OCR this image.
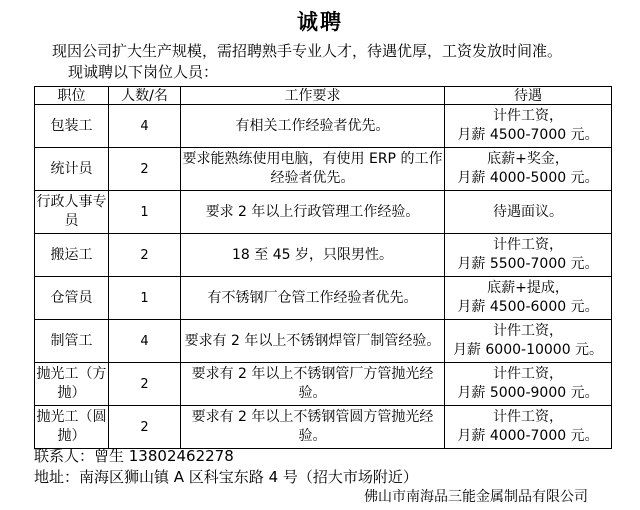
诚聘
现因公司扩大生产规模，需招聘熟手专业人才，待遇优厚，工资发放时间准。
现诚聘以下岗位人员：
职位	人数/名	工作要求	待遇
包装工	4	有相关工作经验者优先。	计件工资，
月薪 4500-7000 元。

统计员	2	要求能熟练使用电脑，有使用 ERP 的工作经验者优先。	底薪+奖金，
月薪 4000-5000 元。

行政人事专员	1	要求 2 年以上行政管理工作经验。	待遇面议。

搬运工	2	18 至 45 岁，只限男性。	计件工资，
月薪 5500-7000 元。

仓管员	1	有不锈钢厂仓管工作经验者优先。	底薪+提成，
月薪 4500-6000 元。

制管工	4	要求有 2 年以上不锈钢焊管厂制管经验。	计件工资，
月薪 6000-10000 元。

抛光工（方抛）	2	要求有 2 年以上不锈钢管厂方管抛光经验。	计件工资，
月薪 5000-9000 元。

抛光工（圆抛）	2	要求有 2 年以上不锈钢管圆方管抛光经验。	计件工资，
月薪 4000-7000 元。
联系人：曾生 13802462278
地址：南海区狮山镇 A 区科宝东路 4 号（招大市场附近）
佛山市南海品三能金属制品有限公司
